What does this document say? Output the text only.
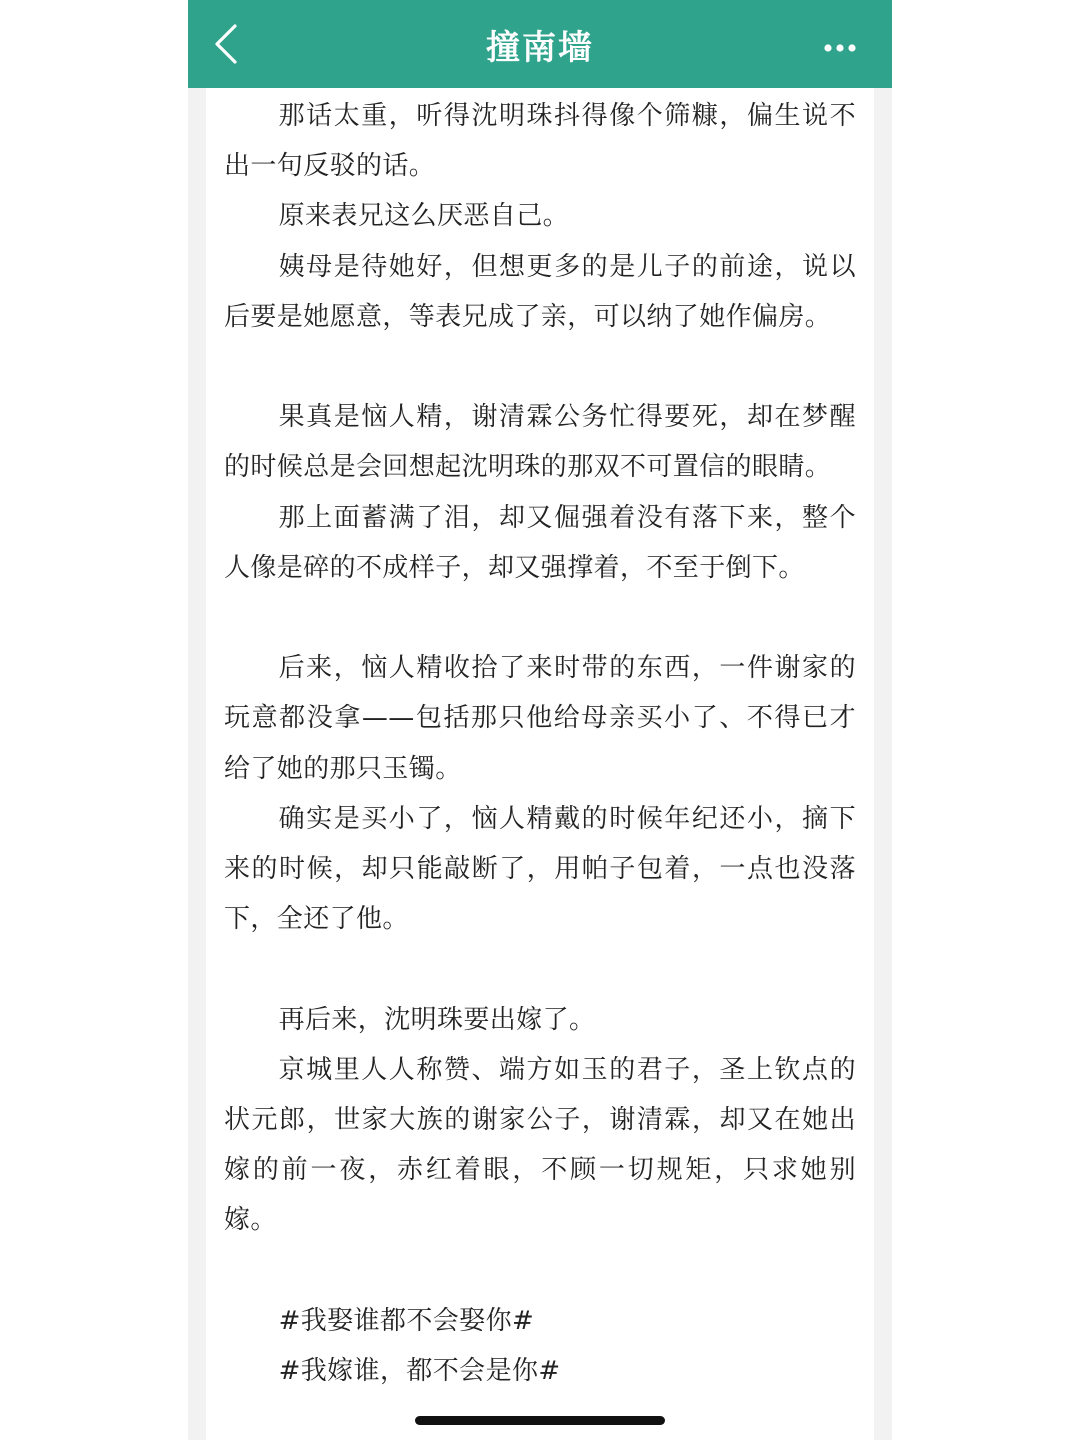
撞南墙

那话太重，听得沈明珠抖得像个筛糠，偏生说不出一句反驳的话。

原来表兄这么厌恶自己。

姨母是待她好，但想更多的是儿子的前途，说以后要是她愿意，等表兄成了亲，可以纳了她作偏房。

果真是恼人精，谢清霖公务忙得要死，却在梦醒的时候总是会回想起沈明珠的那双不可置信的眼睛。

那上面蓄满了泪，却又倔强着没有落下来，整个人像是碎的不成样子，却又强撑着，不至于倒下。

后来，恼人精收拾了来时带的东西，一件谢家的玩意都没拿——包括那只他给母亲买小了、不得已才给了她的那只玉镯。

确实是买小了，恼人精戴的时候年纪还小，摘下来的时候，却只能敲断了，用帕子包着，一点也没落下，全还了他。

再后来，沈明珠要出嫁了。

京城里人人称赞、端方如玉的君子，圣上钦点的状元郎，世家大族的谢家公子，谢清霖，却又在她出嫁的前一夜，赤红着眼，不顾一切规矩，只求她别嫁。

#我娶谁都不会娶你#

#我嫁谁，都不会是你#
